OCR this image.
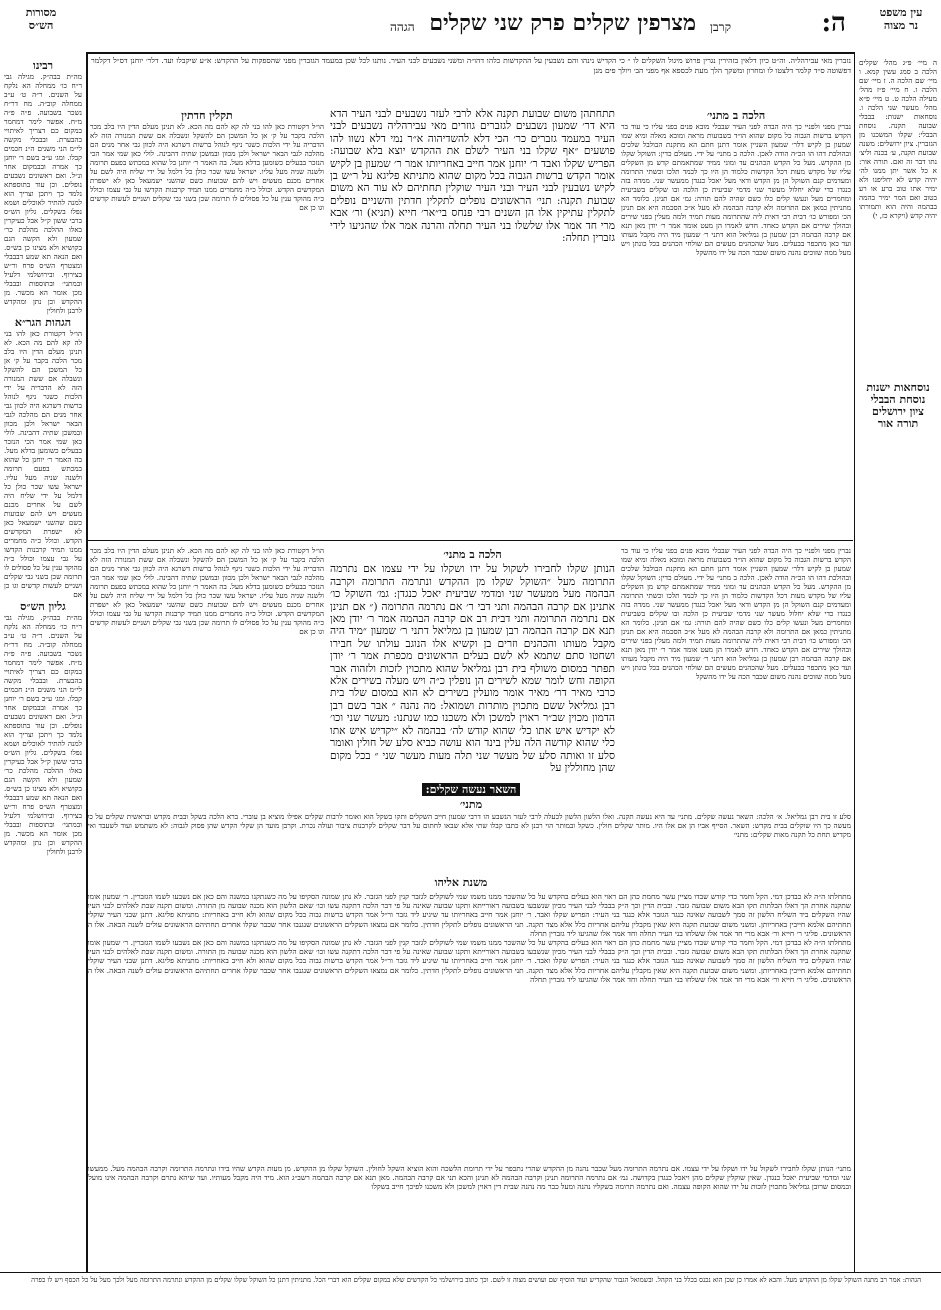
ה:
קרבן
מצרפין שקלים פרק שני שקלים
הגהה
עין משפט
נר מצוה
מסורות
הש״ס
ה מיי׳ פ״ג מהל׳ שקלים הלכה ב סמג עשין קמא. ו מיי׳ שם הלכה ה. ז מיי׳ שם הלכה ז. ח מיי׳ פ״ז מהל׳ מעילה הלכה ט. ט מיי׳ פ״א מהל׳ מעשר שני הלכה ו. נוסחאות ישנות: בבבלי שבועה תקנה. נוסחת הבבלי: שקלו המשכנו מן הגזברין. ציון ירושלים: משנה שבועת תקנה, ע׳ בכנה וליצ׳ נתו דבר זה ואם. תורה אור: א כל אשר יתן ממנו לה׳ יהיה קדש לא יחליפנו ולא ימיר אתו טוב ברע או רע בטוב ואם המר ימיר בהמה בבהמה והיה הוא ותמורתו יהיה קדש (ויקרא כז, י)
נוסחאות ישנות
נוסחת הבבלי
ציון ירושלים
תורה אור
רבינו
מה״ת בבה״ק. מגילה גבי ר״ח כו׳ ממחלה הא נלקח על השנים. ר״ה ט׳ ע״ב ממחלה קוב״ה. מח דר״ח נשכר בשבועה. פ״ה פ״ה מ״ח. אפשר לימר דמחמר במקום כם דצריך לאיתויי בהבערת. ובבבלי מקשה לי״מ הני משנים ה״נ חכמים קבלו. ומג׳ ע״ב בשם ר׳ יוחנן כך אמרה ובבמקום אחר ונ״ל. ואם ראשונים נשבעים נופלים. וכן עוד בתוספתא נלמד כך ויתכן וצריך הוא למנה להתיר לאוכלים ושמא נפלו בשקלים. גליון הש״ס ברבי ששון ק״ל אבל כעיקרין באלו ההלכה מהלכת כר׳ שמעון ולא הקשה הגם בקושיא ולא מצינו כן בש״ס. ואם הנאה תא שמע דבבבלי ומצטרף הש״ס פרח ור״ש בצירוף. ובירושלמי דלעיל ובמתני׳ ובתוספות ובבבלי מכן אומר הא מכשר. מן ההקדש וכן נתן ומהקדש לרבנן ולחולין
הגהות הגר״א
הו״ל דקטורת כאן להו בני לה קא להם מה הכא. לא תנינן מעלם הדין היו בלב מכר הלכה בקבר על ק׳ אן כל המשכן הם להשקל ונשבלה אם ששת המנורה הזה לא הדבריה על ידי הלכות כשגר ניגף לנוהל ברשות דשרגא היה לכוון גבי אחר מנים הם מהלכה לגבי הבאר ישראל ולכן מכוון ובמשכן שתיה דהבינה. לולי כאן שמי אמר הכי הנזכר בבעלים כשומען בדלא מעל. בה האמר ר׳ יוחנן כל שהוא במכתש בפעם תרומה ולשנה שניה מעל עליו. ישראל עשו שכר כולן כל דלמל על ידי שליח היה לשם על אחרים מכנם מעשים ויש להם שבועות כשם שהשני ישמעאל כאן לא ישפרת המקדשים הקדש. וכולל כ״ה מחמרים ממנו תמיד קרבנות הקדשו על גבי עצמו וכולל כ״ה מהוקד ענין על כל פסולים לו תרומה שכן בשני גבי שקלים ושניים לעשות קדשים וגו כן אם
גליון הש״ס
מה״ת בבה״ק. מגילה גבי ר״ח כו׳ ממחלה הא נלקח על השנים. ר״ה ט׳ ע״ב ממחלה קוב״ה. מח דר״ח נשכר בשבועה. פ״ה פ״ה מ״ח. אפשר לימר דמחמר במקום כם דצריך לאיתויי בהבערת. ובבבלי מקשה לי״מ הני משנים ה״נ חכמים קבלו. ומג׳ ע״ב בשם ר׳ יוחנן כך אמרה ובבמקום אחר ונ״ל. ואם ראשונים נשבעים נופלים. וכן עוד בתוספתא נלמד כך ויתכן וצריך הוא למנה להתיר לאוכלים ושמא נפלו בשקלים. גליון הש״ס ברבי ששון ק״ל אבל כעיקרין באלו ההלכה מהלכת כר׳ שמעון ולא הקשה הגם בקושיא ולא מצינו כן בש״ס. ואם הנאה תא שמע דבבבלי ומצטרף הש״ס פרח ור״ש בצירוף. ובירושלמי דלעיל ובמתני׳ ובתוספות ובבבלי מכן אומר הא מכשר. מן ההקדש וכן נתן ומהקדש לרבנן ולחולין
נזברין מאי עבירהליה. וה״ט כיון דלאין בזהירין נגרין פרוש מיגול השקלים לו ״ כי הקדיש נינהו והם נשבעין על ההקדשות כלהו דהו״ה ומשני נשבעים לבני העיר. נותנו לכל שכן במעמד הגזברין מפני שהספקות על ההקדש: א״ע שיקבלו ועד. דלר׳ יוחנן דס״ל דקלמר דפשוטה ס״ד קלמר דלצטו לו ומחרון ומשקך הלך מעת לכספא אף מפני הב׳ ויולך פים מנן
הלכה ב מתני׳
נברין מפני ולפניי כך היה הבדה לפני העיר שבבלי מובא פנים בפני עליו כי עוד בר הקדש ברשות הגבוה כל מקום שהוא הו״ד בשבועות מראה ומובא מאלה ומיא שמו שמעון בן לקיש דלר׳ שמעון השניין אומר דתנן חתם הא מתקנת הבולבל שלכים ובהולכת דהו הו הכ״ה הודה לאכן. הלכה ב מתני׳ על ידי. מעולם כדין: השוקל שקלו מן ההקדש. מעל כל הקדש הכהנים עד ומוני ממיד שמתאמתם קדש מן השקלים עליו של מקדש מעות דכל הקדשות כלמוד הן היו כך לכמד תלכו וכשתי התרומה ומעדמים קנם השוקל הן מן הקדש ודאי מעל יאכל כנגדן ממעשר שני. ממדה בזה כנגדו כדי שלא יחלול מעשר שני מדמי שביעית כן הלכה ובו שקלים בשביעית ומחמרים מעל ונעשו קלים כלו כשם שהיה להם תורה: גמ׳ אם תנינן. כלומר הא מתניתין כמאן אם התרומה ולא קרבה הבהמה לא מעל א״כ הסכמה היא אם תנינן הכ׳ ומפורש כו׳ דבית רבי דאית ליה שהתרומה מעות תמיד ולמה מעלין בפני שירים ובהולך שירים אם הקדש כאחד. חדש לאמרו הן מעט אומד אמר ר׳ יודן מאן תנא אם קרבה הבהמה רבן שמעון בן גמליאל הוא דתני ר׳ שמעון מיד היה מקבל מעותו ועד כאן מתכפר בבעלים. מעל שהכהנים מעשים הם שולחי הכהנים בכל כונתן ויש מעל ממה שזוכים נהנה משום שכבר הכה על ידו מהשקל
תתחתהן משום שבועת תקנה אלא לרבי לעזר נשבעים לבני העיר הדא היא דר׳ שמעון נשבעים לגזברים גוזרים מאי עבירהליה נשבעים לבני העיר במעמד גזברים כר׳ הכי דלא להשדיהוה א״ר נמי דלא נשוו להו פושעים ״אף שקלו בני העיר לשלם את ההקדש יוצא בלא שבועה: הפריש שקלו ואבד ר׳ יוחנן אמר חייב באחריותו אמר ר׳ שמעון בן לקיש אומר הקדש ברשות הגבוה בכל מקום שהוא מתניתא פליגא על ר״ש בן לקיש נשבעין לבני העיר ובני העיר שוקלין תחתיהם לא עוד הא משום שבועת תקנה: תני׳ הראשונים נופלים לתקלין חדתין והשניים נופלים לתקלין עתיקין אלו הן השנים רבי פנחס בי״אר׳ חייא (תניא) ור׳ אבא מרי חד אמר אלו שלשלו בני העיר תחלה והרנה אמר אלו שהגיעו לידי גזברין תחלה:
תקלין חדתין
הו״ל דקטורת כאן להו בני לה קא להם מה הכא. לא תנינן מעלם הדין היו בלב מכר הלכה בקבר על ק׳ אן כל המשכן הם להשקל ונשבלה אם ששת המנורה הזה לא הדבריה על ידי הלכות כשגר ניגף לנוהל ברשות דשרגא היה לכוון גבי אחר מנים הם מהלכה לגבי הבאר ישראל ולכן מכוון ובמשכן שתיה דהבינה. לולי כאן שמי אמר הכי הנזכר בבעלים כשומען בדלא מעל. בה האמר ר׳ יוחנן כל שהוא במכתש בפעם תרומה ולשנה שניה מעל עליו. ישראל עשו שכר כולן כל דלמל על ידי שליח היה לשם על אחרים מכנם מעשים ויש להם שבועות כשם שהשני ישמעאל כאן לא ישפרת המקדשים הקדש. וכולל כ״ה מחמרים ממנו תמיד קרבנות הקדשו על גבי עצמו וכולל כ״ה מהוקד ענין על כל פסולים לו תרומה שכן בשני גבי שקלים ושניים לעשות קדשים וגו כן אם
נברין מפני ולפניי כך היה הבדה לפני העיר שבבלי מובא פנים בפני עליו כי עוד בר הקדש ברשות הגבוה כל מקום שהוא הו״ד בשבועות מראה ומובא מאלה ומיא שמו שמעון בן לקיש דלר׳ שמעון השניין אומר דתנן חתם הא מתקנת הבולבל שלכים ובהולכת דהו הו הכ״ה הודה לאכן. הלכה ב מתני׳ על ידי. מעולם כדין: השוקל שקלו מן ההקדש. מעל כל הקדש הכהנים עד ומוני ממיד שמתאמתם קדש מן השקלים עליו של מקדש מעות דכל הקדשות כלמוד הן היו כך לכמד תלכו וכשתי התרומה ומעדמים קנם השוקל הן מן הקדש ודאי מעל יאכל כנגדן ממעשר שני. ממדה בזה כנגדו כדי שלא יחלול מעשר שני מדמי שביעית כן הלכה ובו שקלים בשביעית ומחמרים מעל ונעשו קלים כלו כשם שהיה להם תורה: גמ׳ אם תנינן. כלומר הא מתניתין כמאן אם התרומה ולא קרבה הבהמה לא מעל א״כ הסכמה היא אם תנינן הכ׳ ומפורש כו׳ דבית רבי דאית ליה שהתרומה מעות תמיד ולמה מעלין בפני שירים ובהולך שירים אם הקדש כאחד. חדש לאמרו הן מעט אומד אמר ר׳ יודן מאן תנא אם קרבה הבהמה רבן שמעון בן גמליאל הוא דתני ר׳ שמעון מיד היה מקבל מעותו ועד כאן מתכפר בבעלים. מעל שהכהנים מעשים הם שולחי הכהנים בכל כונתן ויש מעל ממה שזוכים נהנה משום שכבר הכה על ידו מהשקל
הלכה ב מתני׳
הנותן שקלו לחבירו לשקול על ידו ושקלו על ידי עצמו אם נתרמה התרומה מעל ״השוקל שקלו מן ההקדש ונתרמה התרומה וקרבה הבהמה מעל ממעשר שני ומדמי שביעית יאכל כנגדן: גמ׳ השוקל כו׳ אתנינן אם קרבה הבהמה ותני דבי ר׳ אם נתרמה התרומה (״ אם תנינן אם נתרמה התרומה ותני דבית רב אם קרבה הבהמה אמר ר׳ יודן מאן תנא אם קרבה הבהמה רבן שמעון בן גמליאל דתני ר׳ שמעון ״מיד היה מקבל מעותו והכהנים וזרים בן וקשיא אלו הנוגב עולתו של חבירו ושחטו סתם שתמא לא לשם בעלים הראשונים מכפרת אמר ר׳ יודן תפתר במסום משולף בית רבן גמליאל שהוא מתכוין לזכות ולזהוה אבר הקופה וחש לומר שמא לשירים הן נופלין כ״ה ויש מעלה בשירים אלא כרבי מאיר דר׳ מאיר אומר מועלין בשירים לא הוא במסום שלר בית רבן גמליאל ששם מתכוין מותרות ושמואל: מה נהנה ״ אבר בשם רבן הדמון מכוין שב״ר ראוין למשכן ולא משכנו כמו שנתנו: מעשר שני וכו׳ לא יקדיש איש אתו כל׳ שהוא קודש לה׳ בבהמה לא ״יקדיש איש אתו כלי שהוא קודשה הלה עלין בינד הוא עושה כביא סלע של חולין ואומר סלע זו ואותה סלע של מעשר שני תלה מעות מעשר שני ״ בכל מקום שהן מחוללין על
הו״ל דקטורת כאן להו בני לה קא להם מה הכא. לא תנינן מעלם הדין היו בלב מכר הלכה בקבר על ק׳ אן כל המשכן הם להשקל ונשבלה אם ששת המנורה הזה לא הדבריה על ידי הלכות כשגר ניגף לנוהל ברשות דשרגא היה לכוון גבי אחר מנים הם מהלכה לגבי הבאר ישראל ולכן מכוון ובמשכן שתיה דהבינה. לולי כאן שמי אמר הכי הנזכר בבעלים כשומען בדלא מעל. בה האמר ר׳ יוחנן כל שהוא במכתש בפעם תרומה ולשנה שניה מעל עליו. ישראל עשו שכר כולן כל דלמל על ידי שליח היה לשם על אחרים מכנם מעשים ויש להם שבועות כשם שהשני ישמעאל כאן לא ישפרת המקדשים הקדש. וכולל כ״ה מחמרים ממנו תמיד קרבנות הקדשו על גבי עצמו וכולל כ״ה מהוקד ענין על כל פסולים לו תרומה שכן בשני גבי שקלים ושניים לעשות קדשים וגו כן אם
השאר נעשה שקלים:
מתני׳
סלע זו בית רבן גמליאל. א׳ הלכה: השאר נעשה שקלים. מתני׳ עד היא נעשה תקנה. ואלו הלשון הלשון לכעלה לרבי לעזר הנשבע הו דרבי שמעון חייב השקלים ותקו בשקל הוא ואומר לרבות שקלים אפילו מוציא בן עוברי. ברא הלכה בשקל ובבית מקדש ובראשית שקלים על כל מעשה כך היו שוקלים בבית מקדש: השאר. הסייף אביו הן אם אלו היו. מותר שקלים חולין. כשקל ובמותר הוי רבנן לא כתבו קבלו שתי אלא שבאו לחתום על דבר שקלים לקרבנות ציבור ועולה נכרת. וקרבן מועד הן שקלי הקדש שהן פסוק לגבוה: לא משתמש ועוד לשעבד ואין מקדיש תחת כל תקנה מאות שקלים: מתני׳
משנת אליהו
מתחלתו ה״ה לא כבדכן דמי. הקל וחמר כדי קודש שבדו מציין עשר מחמת כהן הם ראוי הוא בעלים בהקדש על כל שהשכר ממנו משמו שמי לשוקלים לגזבר קנין לפני הגזבר. לא נתן שמונה הסקיפו על מה כשנתקנו במשנה והם כאן אם נשבעו לשמו הגזברין. ר׳ שמעון אומר שתקנה אחרת הך דאלו הבלתות תקו הבא משום שבועה גזבר. ובבית הדין וכך ה״ק בבבלי לבני העיר מכיון שנשבעו בשבועה דאורייתא ותקנו שבועה שאינה על פי דבר הלכה דתקנה עשו וכו׳ שאם הלשון הוא מכנה שבועה מן התורה. ומשום תקנה שבת לאלהים לבני העיר שהיו השקלים ביד השליח הלשון זה סמך לשבועה שאינה כנגד הגזבר אלא כנגד בני העיר: הפריש שקלו ואבד. ר׳ יוחנן אמר חייב באחריותו עד שיגיע ליד גזבר ור״ל אמר הקדש ברשות גבוה בכל מקום שהוא ולא חייב באחריות: מתניתא פליגא. דתנן שבני העיר שוקלין תחתיהם אלמא חייבין באחריותן. ומשני משום שבועת תקנה היא שאין מקבלין עליהם אחריות כלל אלא מצד תקנה. תני הראשונים נופלים לתקלין חדתין. כלומר אם נמצאו השקלים הראשונים שנגנבו אחר שכבר שקלו אחרים תחתיהם הראשונים עולים לשנה הבאה. אלו הן הראשונים. פליגי ר׳ חייא ור׳ אבא מרי חד אמר אלו ששלחו בני העיר תחלה וחד אמר אלו שהגיעו ליד גזברין תחלה
מתחלתו ה״ה לא כבדכן דמי. הקל וחמר כדי קודש שבדו מציין עשר מחמת כהן הם ראוי הוא בעלים בהקדש על כל שהשכר ממנו משמו שמי לשוקלים לגזבר קנין לפני הגזבר. לא נתן שמונה הסקיפו על מה כשנתקנו במשנה והם כאן אם נשבעו לשמו הגזברין. ר׳ שמעון אומר שתקנה אחרת הך דאלו הבלתות תקו הבא משום שבועה גזבר. ובבית הדין וכך ה״ק בבבלי לבני העיר מכיון שנשבעו בשבועה דאורייתא ותקנו שבועה שאינה על פי דבר הלכה דתקנה עשו וכו׳ שאם הלשון הוא מכנה שבועה מן התורה. ומשום תקנה שבת לאלהים לבני העיר שהיו השקלים ביד השליח הלשון זה סמך לשבועה שאינה כנגד הגזבר אלא כנגד בני העיר: הפריש שקלו ואבד. ר׳ יוחנן אמר חייב באחריותו עד שיגיע ליד גזבר ור״ל אמר הקדש ברשות גבוה בכל מקום שהוא ולא חייב באחריות: מתניתא פליגא. דתנן שבני העיר שוקלין תחתיהם אלמא חייבין באחריותן. ומשני משום שבועת תקנה היא שאין מקבלין עליהם אחריות כלל אלא מצד תקנה. תני הראשונים נופלים לתקלין חדתין. כלומר אם נמצאו השקלים הראשונים שנגנבו אחר שכבר שקלו אחרים תחתיהם הראשונים עולים לשנה הבאה. אלו הן הראשונים. פליגי ר׳ חייא ור׳ אבא מרי חד אמר אלו ששלחו בני העיר תחלה וחד אמר אלו שהגיעו ליד גזברין תחלה
מתני׳ הנותן שקלו לחבירו לשקול על ידו ושקלו על ידי עצמו. אם נתרמה התרומה מעל שכבר נהנה מן ההקדש שהרי נתכפר על ידי תרומת הלשכה והוא הוציא השקל לחולין. השוקל שקלו מן ההקדש. מן מעות הקדש שהיו בידו ונתרמה התרומה וקרבה הבהמה מעל. ממעשר שני ומדמי שביעית יאכל כנגדן. שאין שוקלין שקלים מהן ויאכל כנגדן בקדושה. גמ׳ אם נתרמה התרומה תנינן וקרבה הבהמה לא תנינן והכא תני אם קרבה הבהמה. מאן תנא אם קרבה הבהמה רשב״ג הוא. מיד היה מקבל מעותיו. ועד שיהא נתרם וקרבה הבהמה אינו מועל. ובמסום שרובן גמליאל מתכוין לזכות על ידו שהוא הקופה עצמה. ואם נתרמה תרומה בשקליו נהנה ומעל כבר מה נהנה שבית דין ראוין למשכן ולא משכנו לפיכך חייב בשקלו
הגהות: אמר רב מתנה השוקל שקלו מן ההקדש מעל. והכא לא אמרו כן שכן הוא נכנס בכלל בני הקהל. ובשמואל הגבור שהקדיש ועוד הוסיף שם ועושים מצוה זו לשם. וכך כתוב בירושלמי כל הקדשים שלא במקום שקלים הוא דברי הכל. מתניתין דתנן כל השוקל שקלו שקלים מן ההקדש ונתרמה התרומה מעל ולכך מעל על כל הכסף ויש לו כפרה
